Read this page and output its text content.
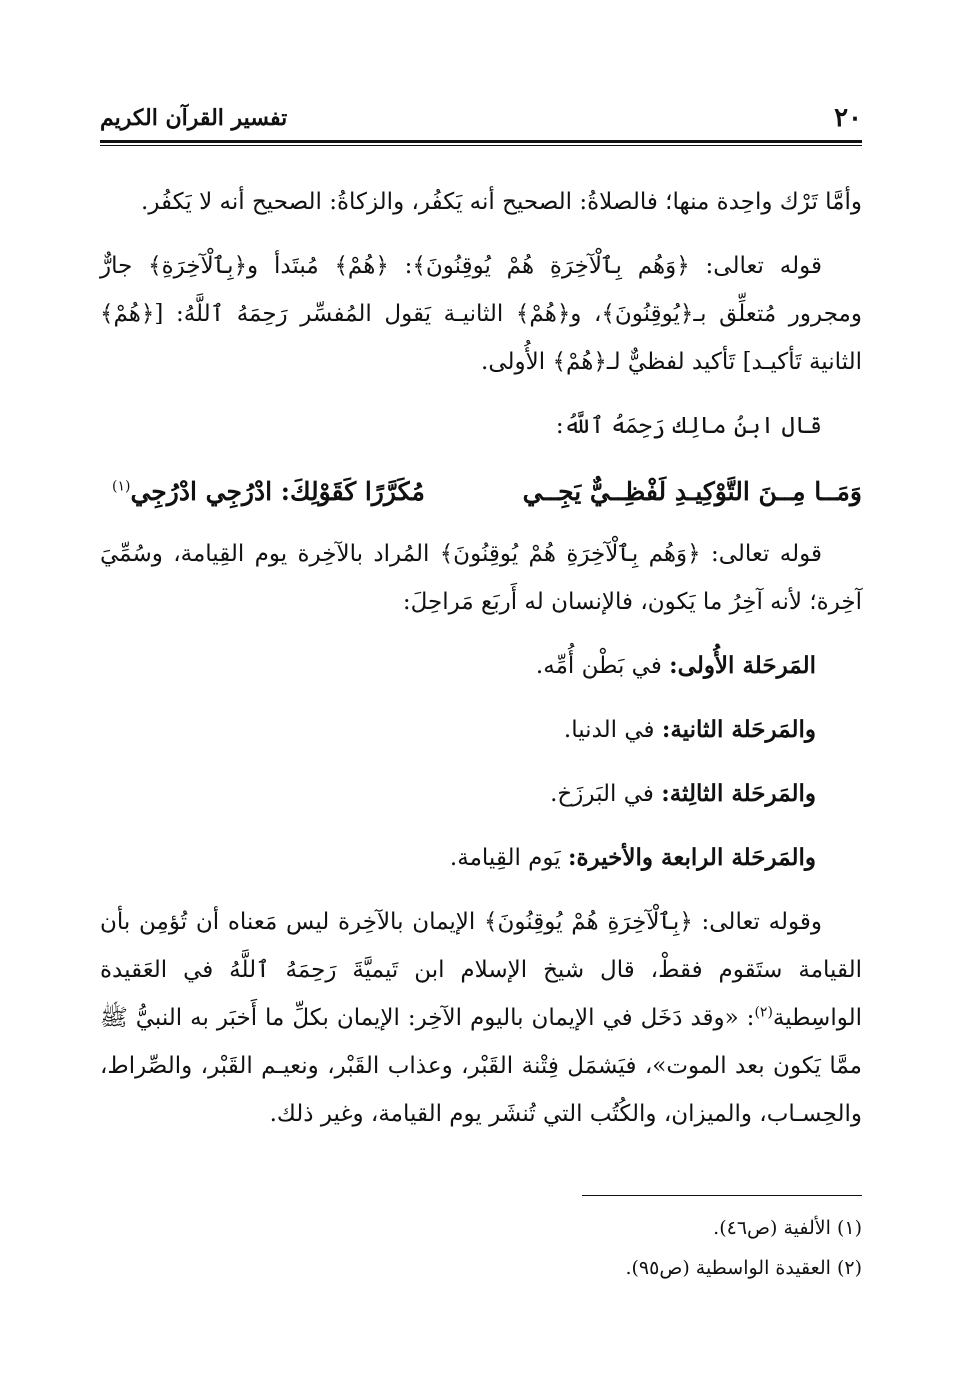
٢٠
تفسير القرآن الكريم

وأمَّا تَرْك واحِدة منها؛ فالصلاةُ: الصحيح أنه يَكفُر، والزكاةُ: الصحيح أنه لا يَكفُر.

قوله تعالى: ﴿وَهُم بِٱلْآخِرَةِ هُمْ يُوقِنُونَ﴾: ﴿هُمْ﴾ مُبتَدأ و﴿بِٱلْآخِرَةِ﴾ جارٌّ ومجرور مُتعلِّق بـ﴿يُوقِنُونَ﴾، و﴿هُمْ﴾ الثانيـة يَقول المُفسِّر رَحِمَهُ ٱللَّهُ: [﴿هُمْ﴾ الثانية تَأكيـد] تَأكيد لفظيٌّ لـ﴿هُمْ﴾ الأُولى.

قال ابنُ مالِك رَحِمَهُ ٱللَّهُ:

وَمَــا مِــنَ التَّوْكِيـدِ لَفْظِــيٌّ يَجِــي
مُكَرَّرًا كَقَوْلِكَ: ادْرُجِي ادْرُجِي$^{(١)}$

قوله تعالى: ﴿وَهُم بِٱلْآخِرَةِ هُمْ يُوقِنُونَ﴾ المُراد بالآخِرة يوم القِيامة، وسُمِّيَ آخِرة؛ لأنه آخِرُ ما يَكون، فالإنسان له أَربَع مَراحِلَ:

المَرحَلة الأُولى: في بَطْن أُمِّه.

والمَرحَلة الثانية: في الدنيا.

والمَرحَلة الثالِثة: في البَرزَخ.

والمَرحَلة الرابعة والأخيرة: يَوم القِيامة.

وقوله تعالى: ﴿بِٱلْآخِرَةِ هُمْ يُوقِنُونَ﴾ الإيمان بالآخِرة ليس مَعناه أن تُؤمِن بأن القيامة ستَقوم فقطْ، قال شيخ الإسلام ابن تَيميَّةَ رَحِمَهُ ٱللَّهُ في العَقيدة الواسِطية$^{(٢)}$: «وقد دَخَل في الإيمان باليوم الآخِر: الإيمان بكلِّ ما أَخبَر به النبيُّ ﷺ ممَّا يَكون بعد الموت»، فيَشمَل فِتْنة القَبْر، وعذاب القَبْر، ونعيـم القَبْر، والصِّراط، والحِسـاب، والميزان، والكُتُب التي تُنشَر يوم القيامة، وغير ذلك.

(١) الألفية (ص٤٦).

(٢) العقيدة الواسطية (ص٩٥).
